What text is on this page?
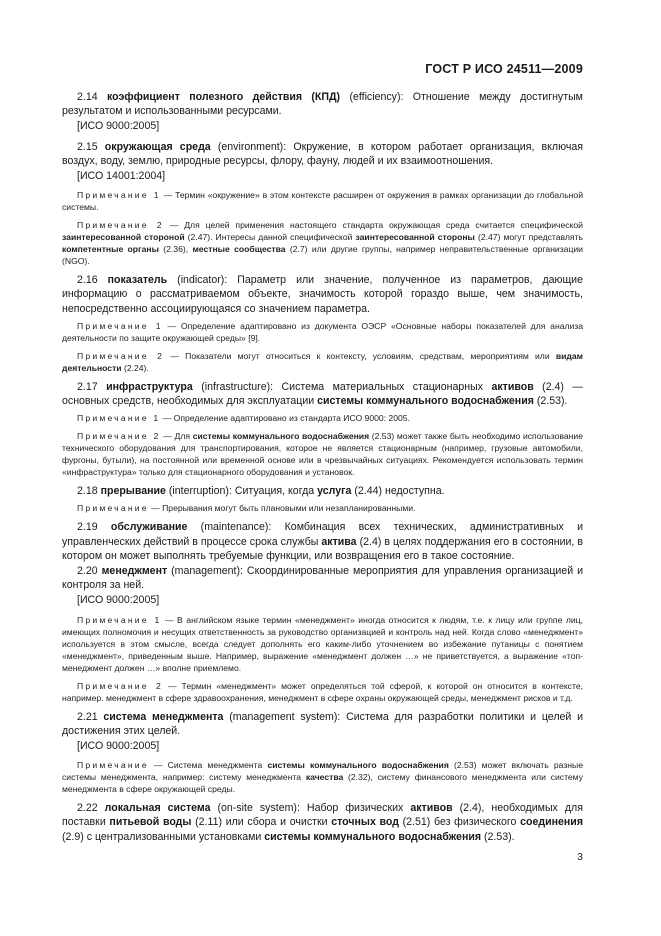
ГОСТ Р ИСО 24511—2009

2.14 коэффициент полезного действия (КПД) (efficiency): Отношение между достигнутым результатом и использованными ресурсами.

[ИСО 9000:2005]

2.15 окружающая среда (environment): Окружение, в котором работает организация, включая воздух, воду, землю, природные ресурсы, флору, фауну, людей и их взаимоотношения.

[ИСО 14001:2004]

Примечание 1 — Термин «окружение» в этом контексте расширен от окружения в рамках организации до глобальной системы.

Примечание 2 — Для целей применения настоящего стандарта окружающая среда считается специфической заинтересованной стороной (2.47). Интересы данной специфической заинтересованной стороны (2.47) могут представлять компетентные органы (2.36), местные сообщества (2.7) или другие группы, например неправительственные организации (NGO).

2.16 показатель (indicator): Параметр или значение, полученное из параметров, дающие информацию о рассматриваемом объекте, значимость которой гораздо выше, чем значимость, непосредственно ассоциирующаяся со значением параметра.

Примечание 1 — Определение адаптировано из документа ОЭСР «Основные наборы показателей для анализа деятельности по защите окружающей среды» [9].

Примечание 2 — Показатели могут относиться к контексту, условиям, средствам, мероприятиям или видам деятельности (2.24).

2.17 инфраструктура (infrastructure): Система материальных стационарных активов (2.4) — основных средств, необходимых для эксплуатации системы коммунального водоснабжения (2.53).

Примечание 1 — Определение адаптировано из стандарта ИСО 9000: 2005.

Примечание 2 — Для системы коммунального водоснабжения (2.53) может также быть необходимо использование технического оборудования для транспортирования, которое не является стационарным (например, грузовые автомобили, фургоны, бутыли), на постоянной или временной основе или в чрезвычайных ситуациях. Рекомендуется использовать термин «инфраструктура» только для стационарного оборудования и установок.

2.18 прерывание (interruption): Ситуация, когда услуга (2.44) недоступна.

Примечание — Прерывания могут быть плановыми или незапланированными.

2.19 обслуживание (maintenance): Комбинация всех технических, административных и управленческих действий в процессе срока службы актива (2.4) в целях поддержания его в состоянии, в котором он может выполнять требуемые функции, или возвращения его в такое состояние.

2.20 менеджмент (management): Скоординированные мероприятия для управления организацией и контроля за ней.

[ИСО 9000:2005]

Примечание 1 — В английском языке термин «менеджмент» иногда относится к людям, т.е. к лицу или группе лиц, имеющих полномочия и несущих ответственность за руководство организацией и контроль над ней. Когда слово «менеджмент» используется в этом смысле, всегда следует дополнять его каким-либо уточнением во избежание путаницы с понятием «менеджмент», приведенным выше. Например, выражение «менеджмент должен …» не приветствуется, а выражение «топ-менеджмент должен …» вполне приемлемо.

Примечание 2 — Термин «менеджмент» может определяться той сферой, к которой он относится в контексте, например. менеджмент в сфере здравоохранения, менеджмент в сфере охраны окружающей среды, менеджмент рисков и т.д.

2.21 система менеджмента (management system): Система для разработки политики и целей и достижения этих целей.

[ИСО 9000:2005]

Примечание — Система менеджмента системы коммунального водоснабжения (2.53) может включать разные системы менеджмента, например: систему менеджмента качества (2.32), систему финансового менеджмента или систему менеджмента в сфере окружающей среды.

2.22 локальная система (on-site system): Набор физических активов (2.4), необходимых для поставки питьевой воды (2.11) или сбора и очистки сточных вод (2.51) без физического соединения (2.9) с централизованными установками системы коммунального водоснабжения (2.53).

3
